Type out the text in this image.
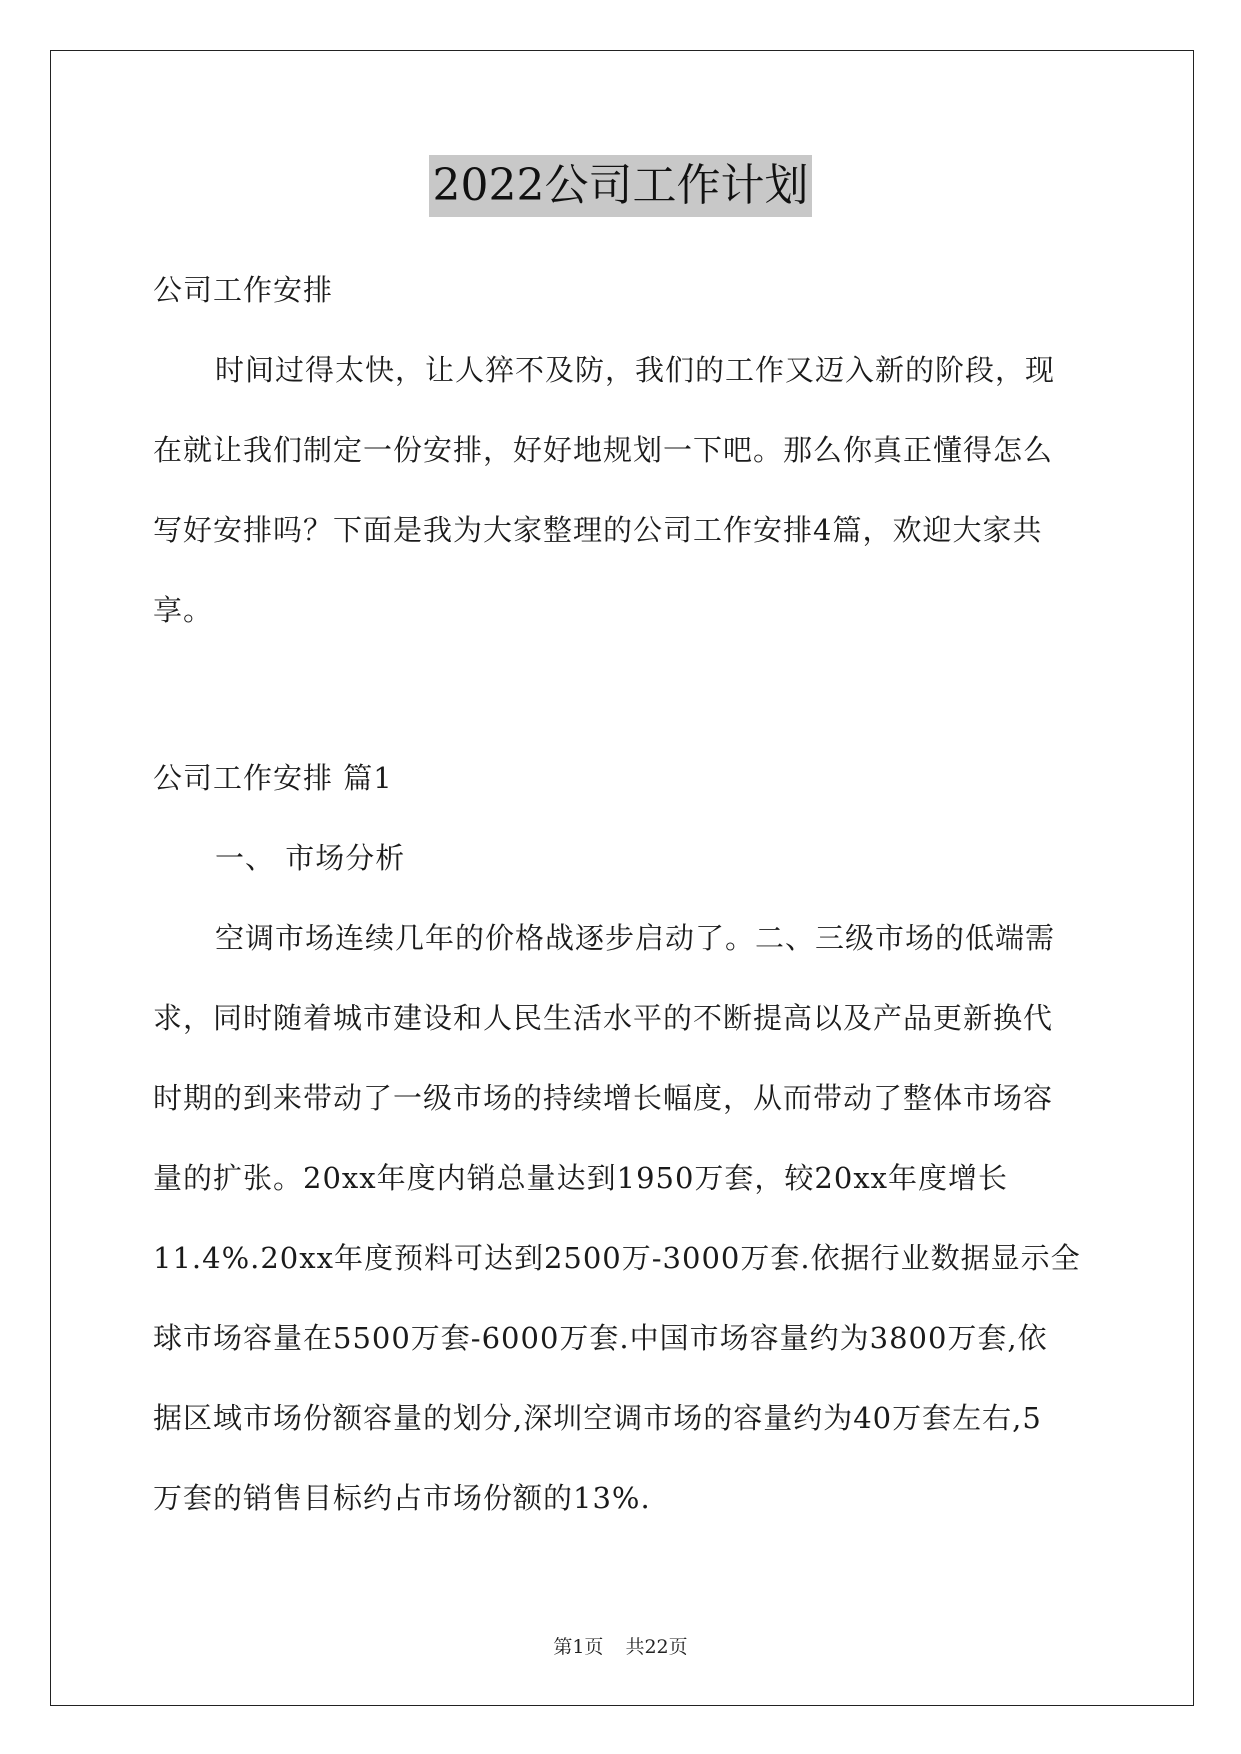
2022公司工作计划
公司工作安排
时间过得太快，让人猝不及防，我们的工作又迈入新的阶段，现
在就让我们制定一份安排，好好地规划一下吧。那么你真正懂得怎么
写好安排吗？下面是我为大家整理的公司工作安排4篇，欢迎大家共
享。
公司工作安排 篇1
一、 市场分析
空调市场连续几年的价格战逐步启动了。二、三级市场的低端需
求，同时随着城市建设和人民生活水平的不断提高以及产品更新换代
时期的到来带动了一级市场的持续增长幅度，从而带动了整体市场容
量的扩张。20xx年度内销总量达到1950万套，较20xx年度增长
11.4%.20xx年度预料可达到2500万-3000万套.依据行业数据显示全
球市场容量在5500万套-6000万套.中国市场容量约为3800万套,依
据区域市场份额容量的划分,深圳空调市场的容量约为40万套左右,5
万套的销售目标约占市场份额的13%.
第1页 共22页
